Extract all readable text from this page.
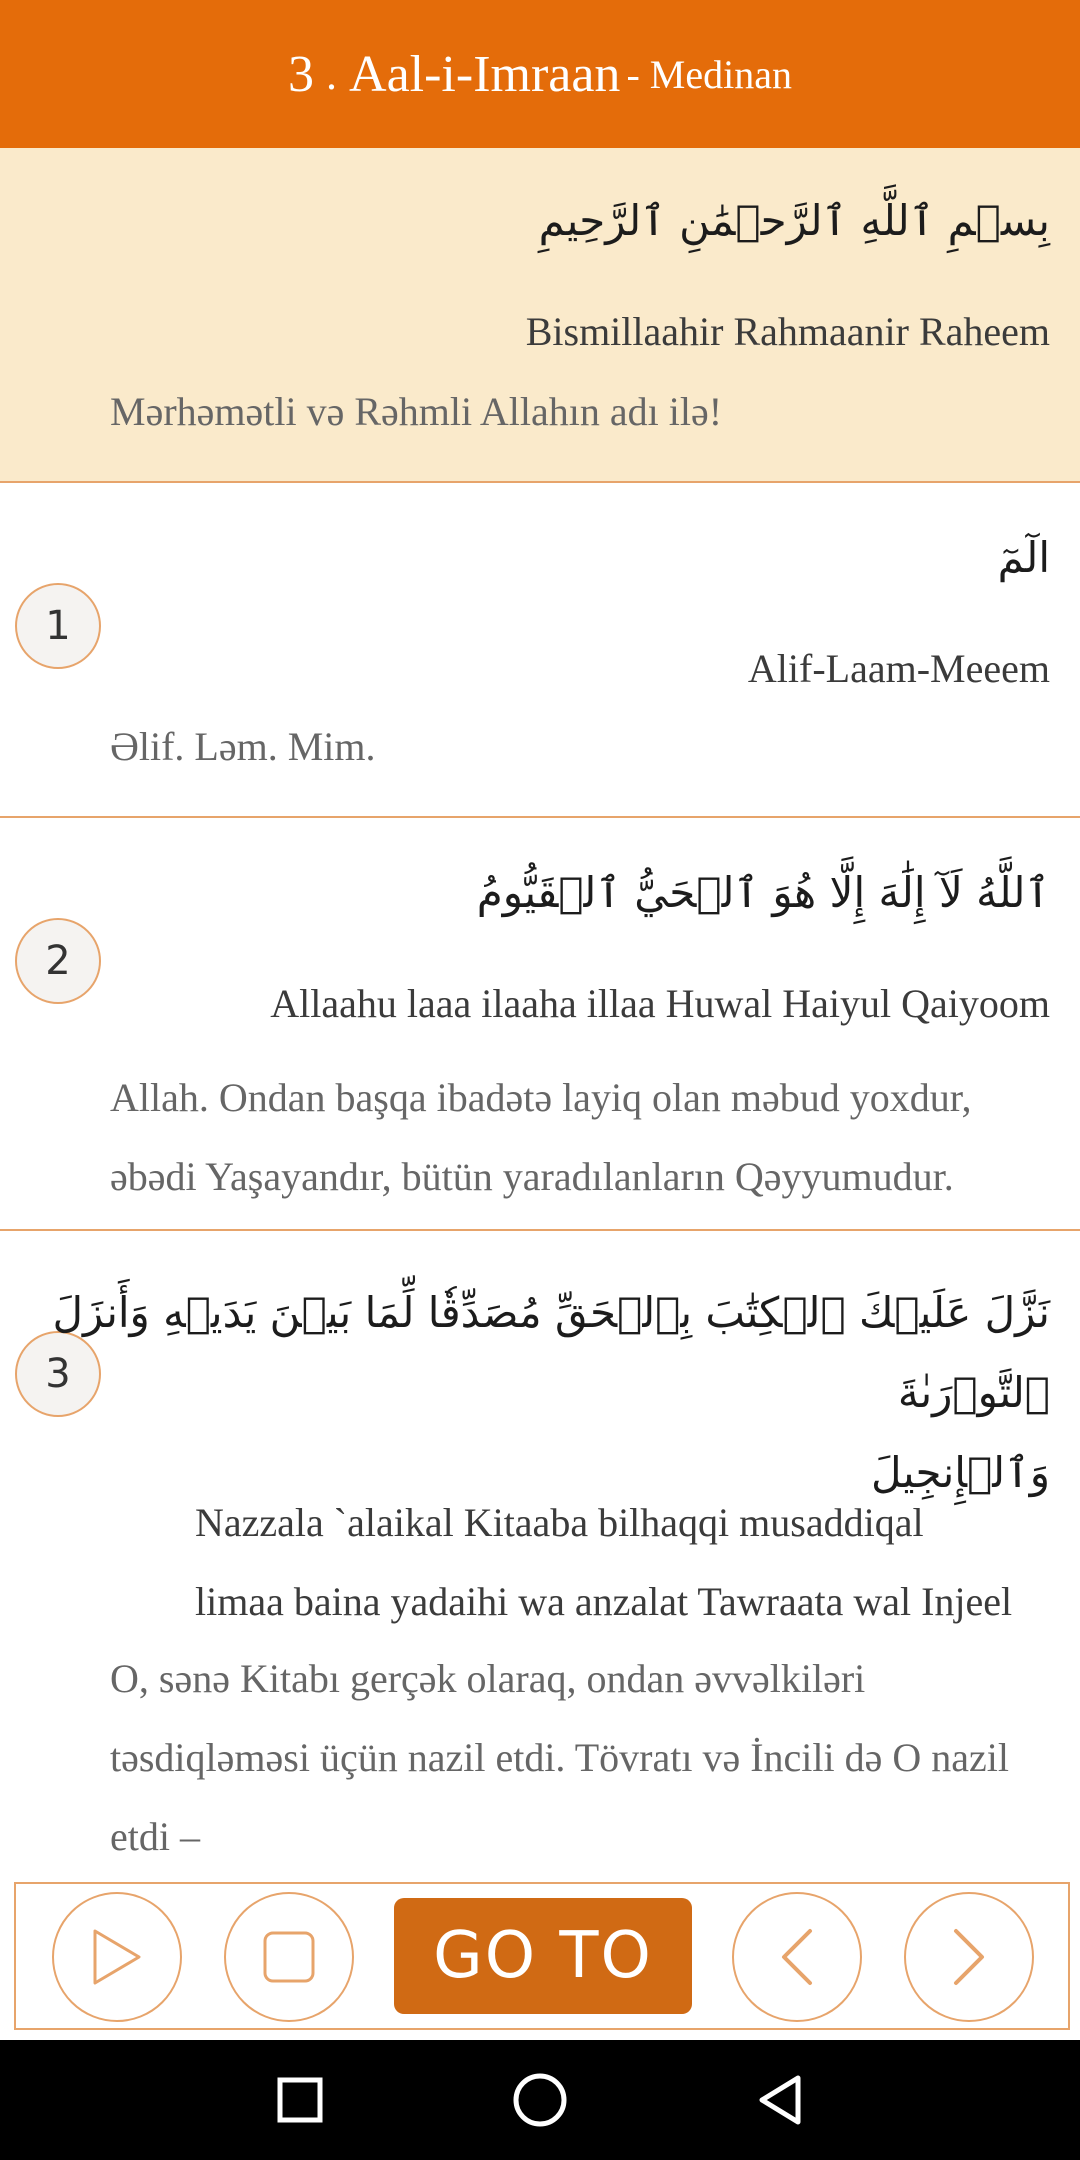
3 . Aal-i-Imraan - Medinan
بِسۡمِ ٱللَّهِ ٱلرَّحۡمَٰنِ ٱلرَّحِيمِ
Bismillaahir Rahmaanir Raheem
Mərhəmətli və Rəhmli Allahın adı ilə!
1
الٓمٓ
Alif-Laam-Meeem
Əlif. Ləm. Mim.
2
ٱللَّهُ لَآ إِلَٰهَ إِلَّا هُوَ ٱلۡحَيُّ ٱلۡقَيُّومُ
Allaahu laaa ilaaha illaa Huwal Haiyul Qaiyoom
Allah. Ondan başqa ibadətə layiq olan məbud yoxdur,
əbədi Yaşayandır, bütün yaradılanların Qəyyumudur.
3
نَزَّلَ عَلَيۡكَ ٱلۡكِتَٰبَ بِٱلۡحَقِّ مُصَدِّقٗا لِّمَا بَيۡنَ يَدَيۡهِ وَأَنزَلَ ٱلتَّوۡرَىٰةَ
وَٱلۡإِنجِيلَ
Nazzala `alaikal Kitaaba bilhaqqi musaddiqal
limaa baina yadaihi wa anzalat Tawraata wal Injeel
O, sənə Kitabı gerçək olaraq, ondan əvvəlkiləri
təsdiqləməsi üçün nazil etdi. Tövratı və İncili də O nazil
etdi –
GO TO
